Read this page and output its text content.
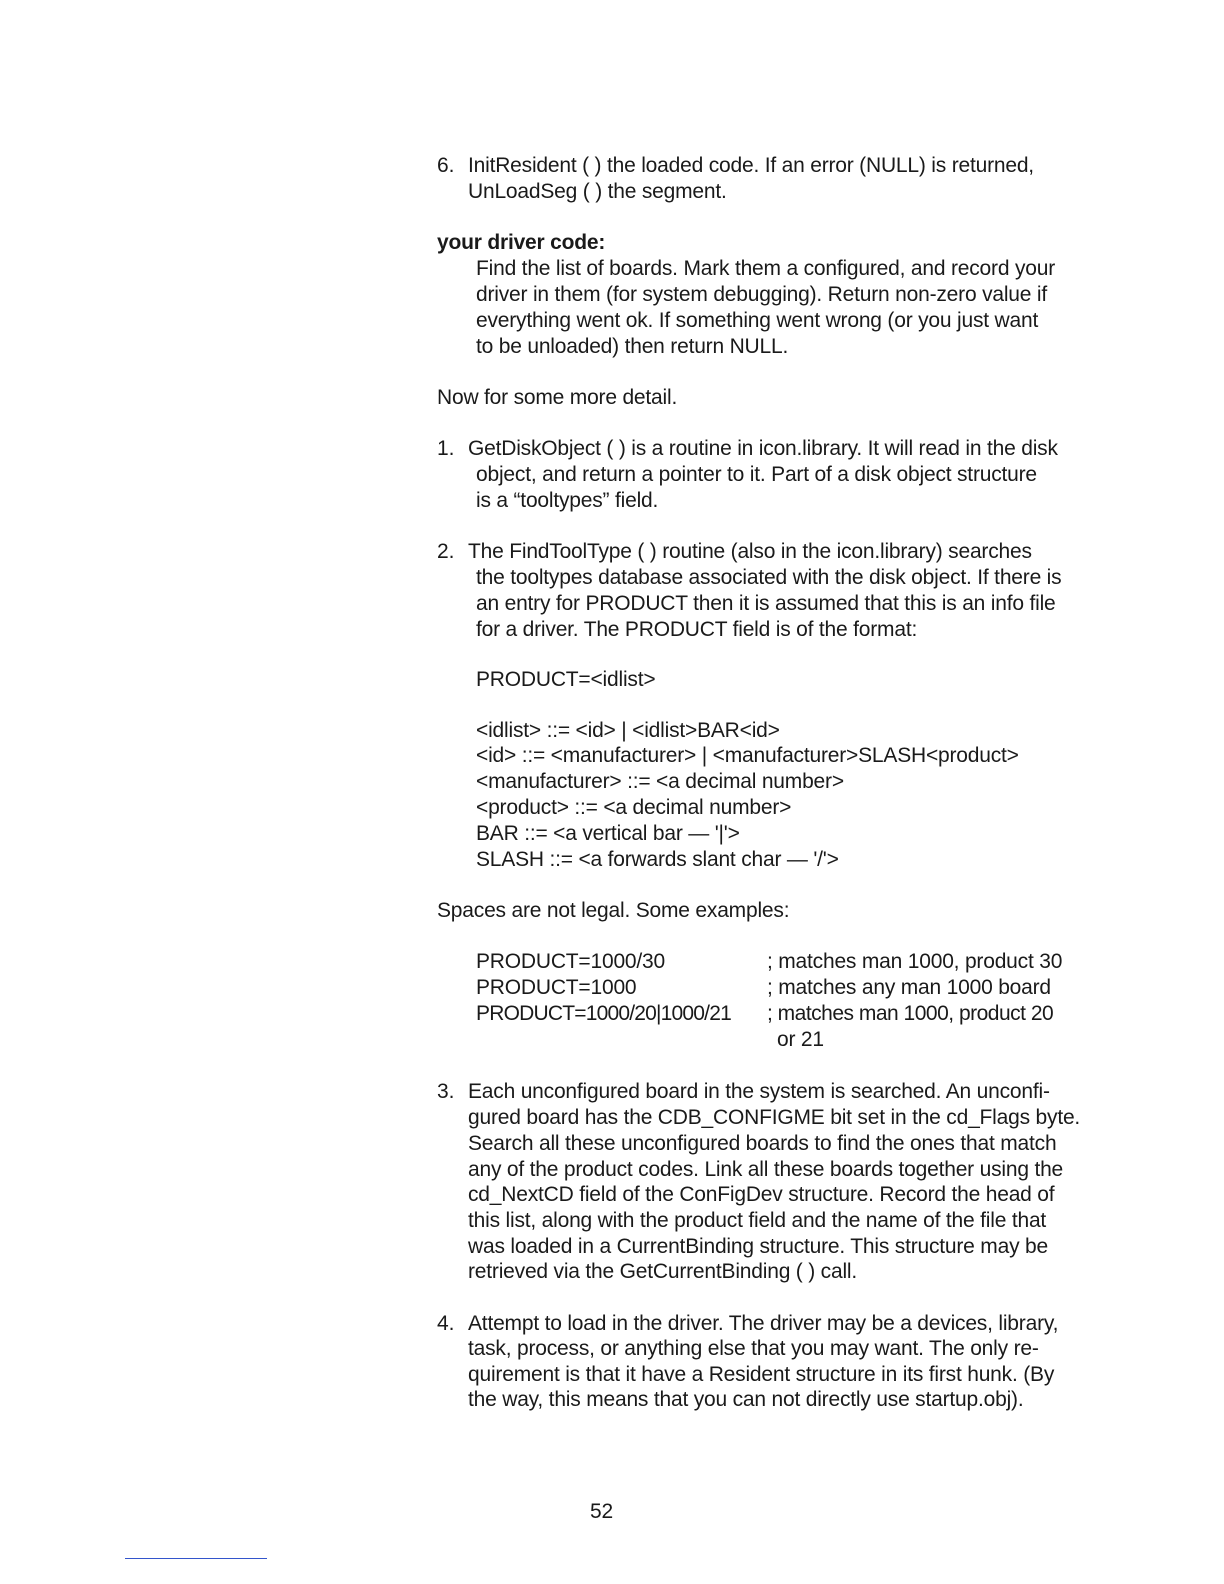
6. InitResident ( ) the loaded code. If an error (NULL) is returned,
UnLoadSeg ( ) the segment.
your driver code:
Find the list of boards. Mark them a configured, and record your
driver in them (for system debugging). Return non-zero value if
everything went ok. If something went wrong (or you just want
to be unloaded) then return NULL.
Now for some more detail.
1. GetDiskObject ( ) is a routine in icon.library. It will read in the disk
object, and return a pointer to it. Part of a disk object structure
is a “tooltypes” field.
2. The FindToolType ( ) routine (also in the icon.library) searches
the tooltypes database associated with the disk object. If there is
an entry for PRODUCT then it is assumed that this is an info file
for a driver. The PRODUCT field is of the format:
PRODUCT=<idlist>
<idlist> ::= <id> | <idlist>BAR<id>
<id> ::= <manufacturer> | <manufacturer>SLASH<product>
<manufacturer> ::= <a decimal number>
<product> ::= <a decimal number>
BAR ::= <a vertical bar — '|'>
SLASH ::= <a forwards slant char — '/'>
Spaces are not legal. Some examples:
PRODUCT=1000/30	; matches man 1000, product 30
PRODUCT=1000	; matches any man 1000 board
PRODUCT=1000/20|1000/21 ; matches man 1000, product 20
or 21
3. Each unconfigured board in the system is searched. An unconfi-
gured board has the CDB_CONFIGME bit set in the cd_Flags byte.
Search all these unconfigured boards to find the ones that match
any of the product codes. Link all these boards together using the
cd_NextCD field of the ConFigDev structure. Record the head of
this list, along with the product field and the name of the file that
was loaded in a CurrentBinding structure. This structure may be
retrieved via the GetCurrentBinding ( ) call.
4. Attempt to load in the driver. The driver may be a devices, library,
task, process, or anything else that you may want. The only re-
quirement is that it have a Resident structure in its first hunk. (By
the way, this means that you can not directly use startup.obj).
52
